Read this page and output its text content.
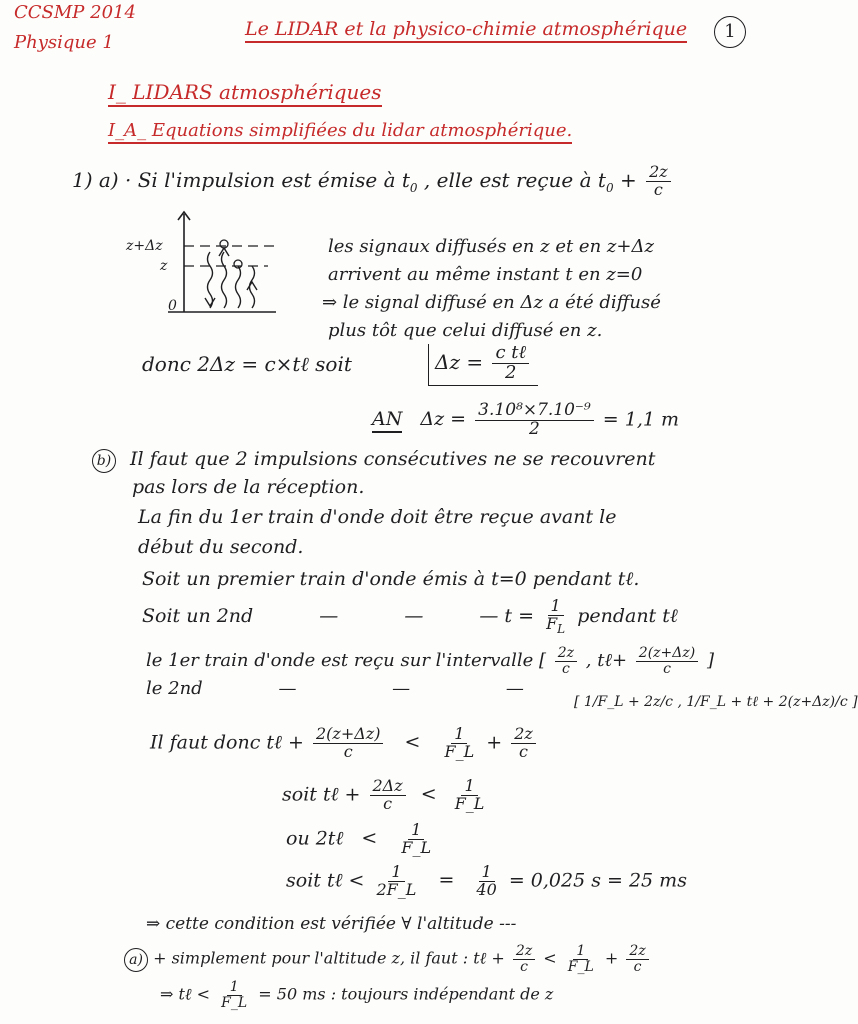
CCSMP 2014
Physique 1
Le LIDAR et la physico-chimie atmosphérique	1
I_ LIDARS atmosphériques
I_A_ Equations simplifiées du lidar atmosphérique.
1) a) · Si l'impulsion est émise à $t_0$ , elle est reçue à $t_0 + \frac{2z}{c}$
z+Δz
z
0
les signaux diffusés en z et en z+Δz
arrivent au même instant t en z=0
⇒ le signal diffusé en Δz a été diffusé
plus tôt que celui diffusé en z.
donc 2Δz = c×tℓ soit	$\Delta z = \frac{\text{c tℓ}}{2}$
AN $\Delta z = \frac{\text{3.10⁸×7.10⁻⁹}}{2} = 1,1$ m
b) Il faut que 2 impulsions consécutives ne se recouvrent
pas lors de la réception.
La fin du 1er train d'onde doit être reçue avant le
début du second.
Soit un premier train d'onde émis à t=0 pendant tℓ.
Soit un 2nd	—	—	— $t = \frac{1}{F_L}$ pendant tℓ
le 1er train d'onde est reçu sur l'intervalle [ $\frac{2z}{c}$ , tℓ+ $\frac{2(z+\Delta z)}{c}$ ]
le 2nd	—	—	—
[ 1/F_L + 2z/c , 1/F_L + tℓ + 2(z+Δz)/c ]
Il faut donc tℓ + $\frac{2(z+\Delta z)}{c} < \frac{1}{F\_L} + \frac{2z}{c}$
soit tℓ + $\frac{2\Delta z}{c} < \frac{1}{F\_L}$
ou 2tℓ < $\frac{1}{F\_L}$
soit tℓ < $\frac{1}{2F\_L} = \frac{1}{40} = 0,025$ s = 25 ms
⇒ cette condition est vérifiée ∀ l'altitude ---
a) + simplement pour l'altitude z, il faut : tℓ + $\frac{2z}{c} < \frac{1}{F\_L} + \frac{2z}{c}$
⇒ tℓ < $\frac{1}{F\_L} = 50$ ms : toujours indépendant de z
